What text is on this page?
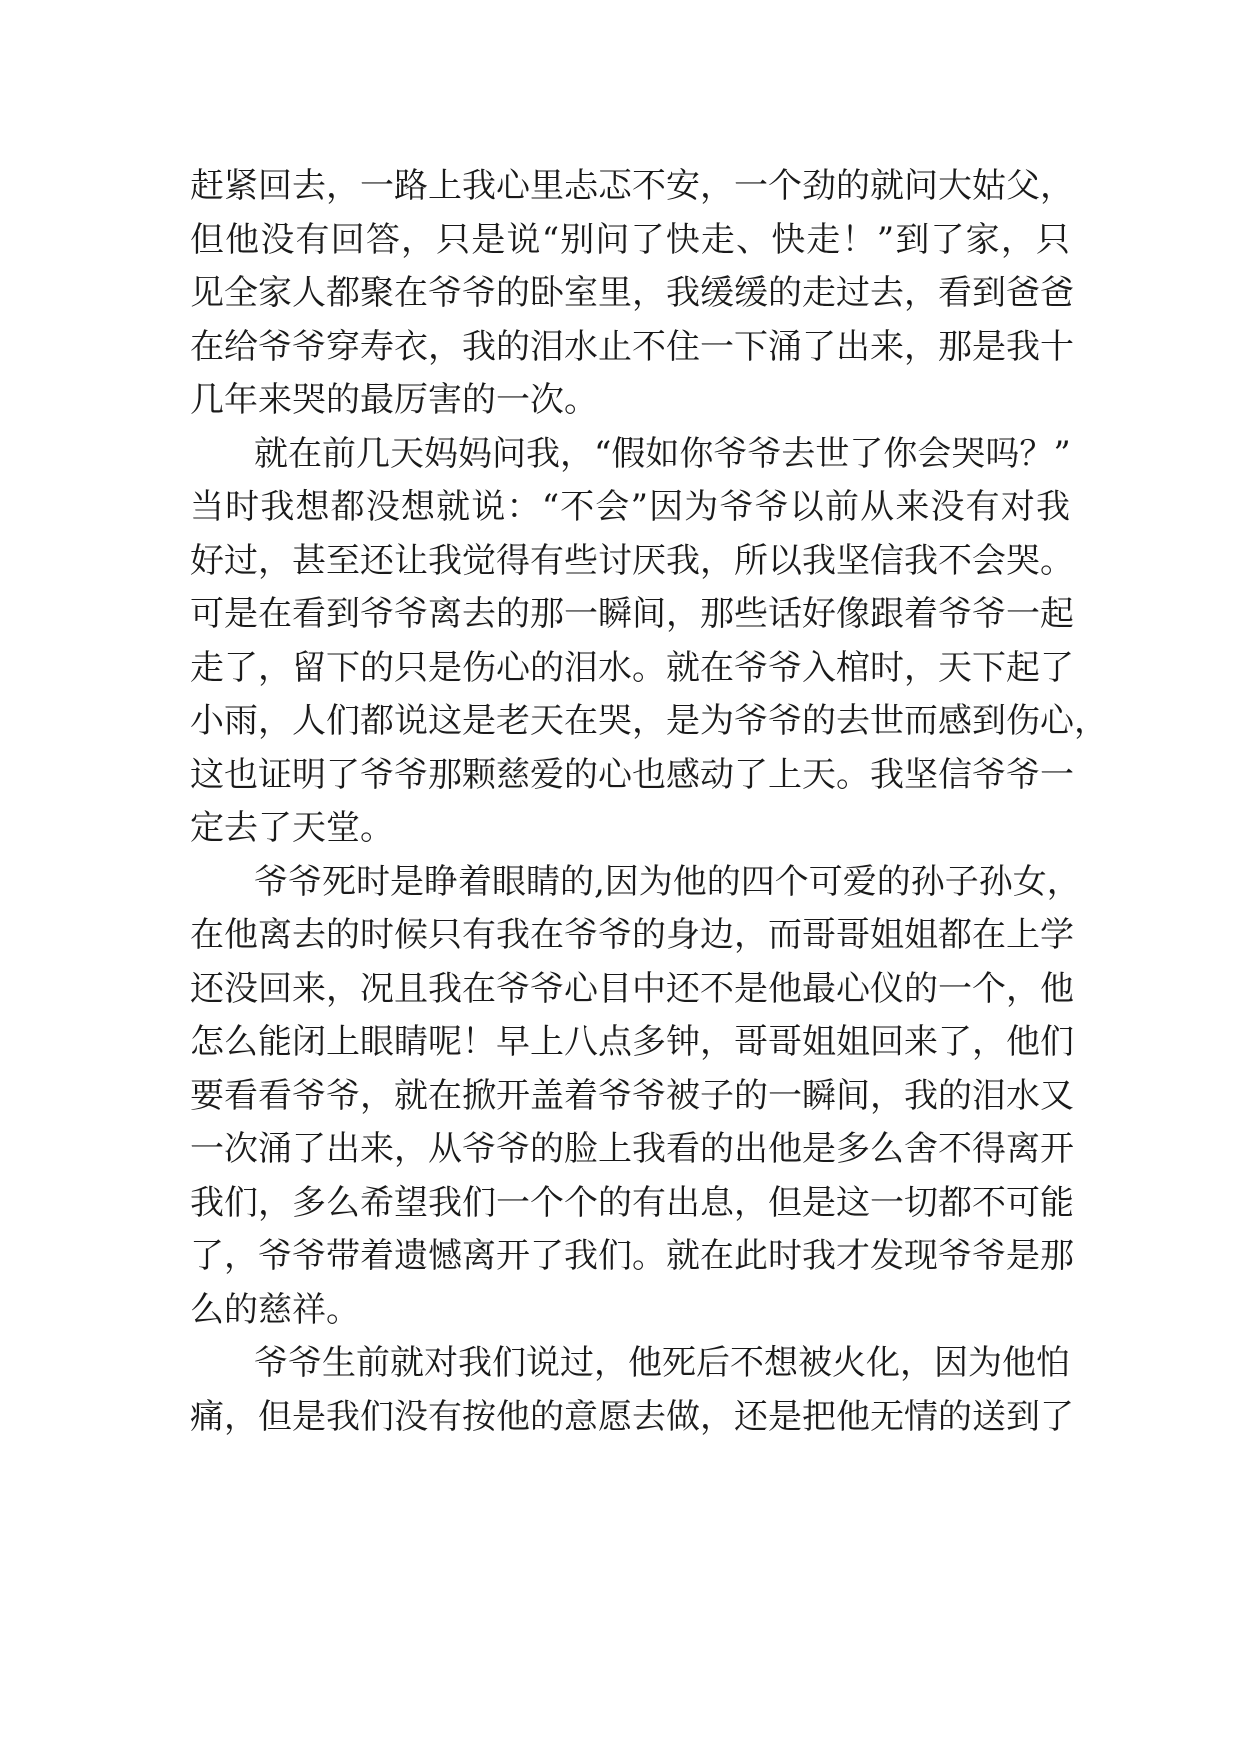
赶紧回去，一路上我心里忐忑不安，一个劲的就问大姑父，
但他没有回答，只是说“别问了快走、快走！”到了家，只
见全家人都聚在爷爷的卧室里，我缓缓的走过去，看到爸爸
在给爷爷穿寿衣，我的泪水止不住一下涌了出来，那是我十
几年来哭的最厉害的一次。
就在前几天妈妈问我，“假如你爷爷去世了你会哭吗？”
当时我想都没想就说：“不会”因为爷爷以前从来没有对我
好过，甚至还让我觉得有些讨厌我，所以我坚信我不会哭。
可是在看到爷爷离去的那一瞬间，那些话好像跟着爷爷一起
走了，留下的只是伤心的泪水。就在爷爷入棺时，天下起了
小雨，人们都说这是老天在哭，是为爷爷的去世而感到伤心，
这也证明了爷爷那颗慈爱的心也感动了上天。我坚信爷爷一
定去了天堂。
爷爷死时是睁着眼睛的,因为他的四个可爱的孙子孙女，
在他离去的时候只有我在爷爷的身边，而哥哥姐姐都在上学
还没回来，况且我在爷爷心目中还不是他最心仪的一个，他
怎么能闭上眼睛呢！早上八点多钟，哥哥姐姐回来了，他们
要看看爷爷，就在掀开盖着爷爷被子的一瞬间，我的泪水又
一次涌了出来，从爷爷的脸上我看的出他是多么舍不得离开
我们，多么希望我们一个个的有出息，但是这一切都不可能
了，爷爷带着遗憾离开了我们。就在此时我才发现爷爷是那
么的慈祥。
爷爷生前就对我们说过，他死后不想被火化，因为他怕
痛，但是我们没有按他的意愿去做，还是把他无情的送到了
